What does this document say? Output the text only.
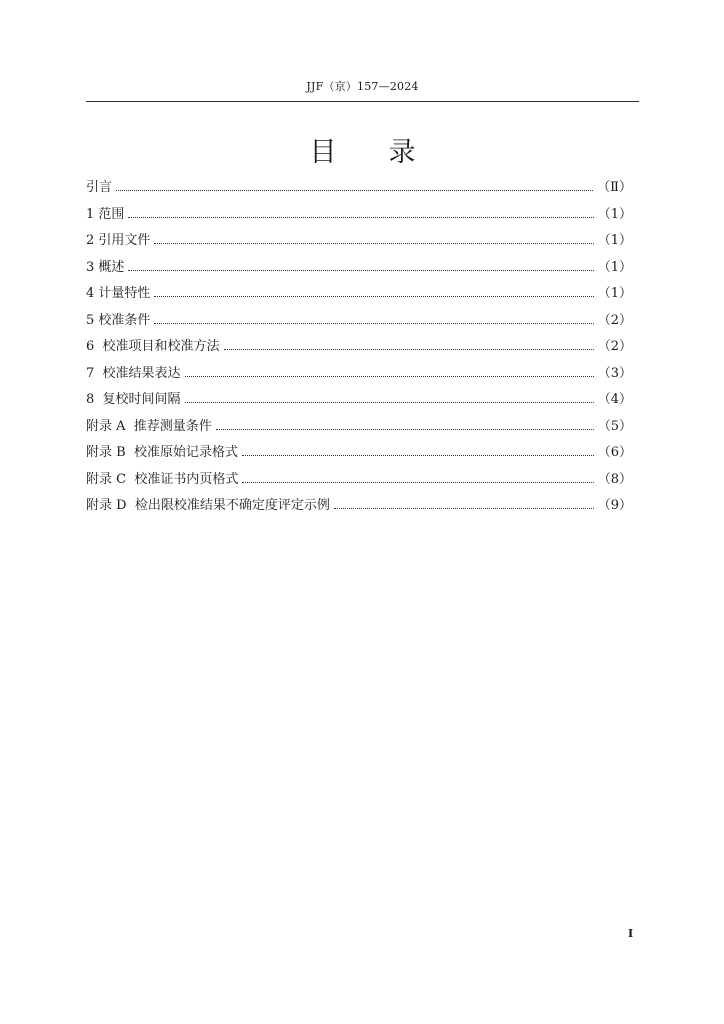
JJF（京）157—2024
目录
引言	（Ⅱ）
1 范围	（1）
2 引用文件	（1）
3 概述	（1）
4 计量特性	（1）
5 校准条件	（2）
6  校准项目和校准方法	（2）
7  校准结果表达	（3）
8  复校时间间隔	（4）
附录 A  推荐测量条件	（5）
附录 B  校准原始记录格式	（6）
附录 C  校准证书内页格式	（8）
附录 D  检出限校准结果不确定度评定示例	（9）
I
